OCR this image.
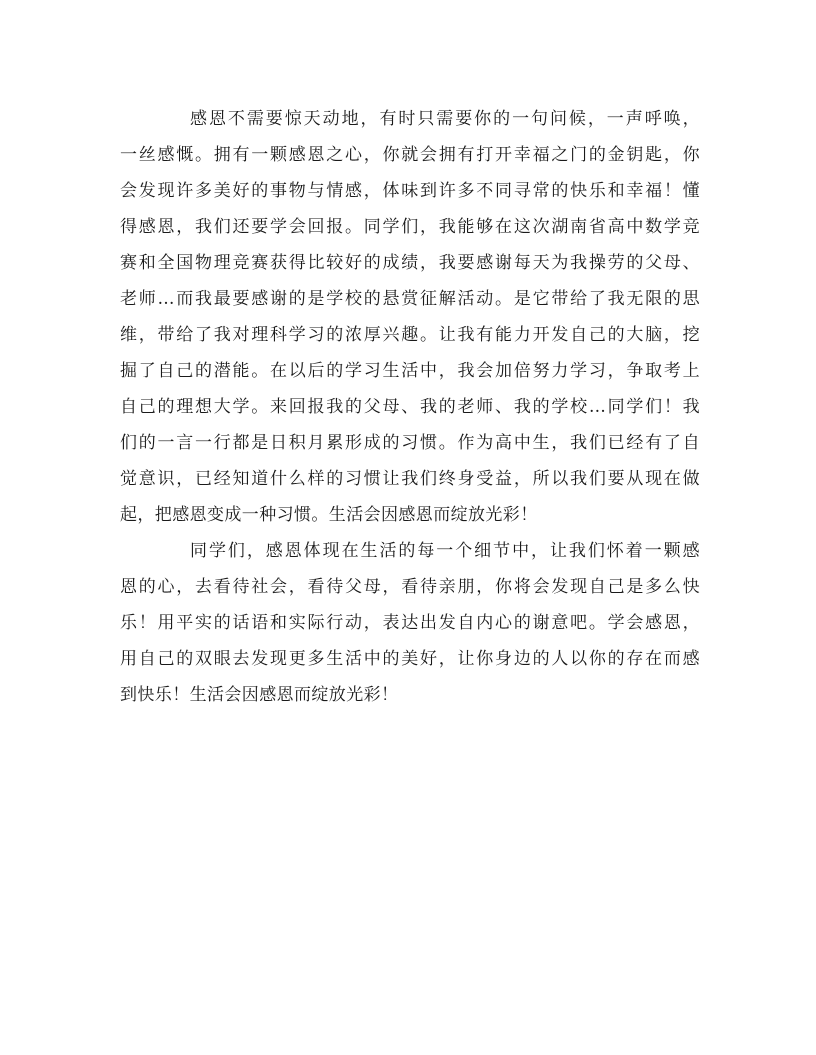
感恩不需要惊天动地，有时只需要你的一句问候，一声呼唤，
一丝感慨。拥有一颗感恩之心，你就会拥有打开幸福之门的金钥匙，你
会发现许多美好的事物与情感，体味到许多不同寻常的快乐和幸福！懂
得感恩，我们还要学会回报。同学们，我能够在这次湖南省高中数学竞
赛和全国物理竞赛获得比较好的成绩，我要感谢每天为我操劳的父母、
老师…而我最要感谢的是学校的悬赏征解活动。是它带给了我无限的思
维，带给了我对理科学习的浓厚兴趣。让我有能力开发自己的大脑，挖
掘了自己的潜能。在以后的学习生活中，我会加倍努力学习，争取考上
自己的理想大学。来回报我的父母、我的老师、我的学校…同学们！我
们的一言一行都是日积月累形成的习惯。作为高中生，我们已经有了自
觉意识，已经知道什么样的习惯让我们终身受益，所以我们要从现在做
起，把感恩变成一种习惯。生活会因感恩而绽放光彩！
同学们，感恩体现在生活的每一个细节中，让我们怀着一颗感
恩的心，去看待社会，看待父母，看待亲朋，你将会发现自己是多么快
乐！用平实的话语和实际行动，表达出发自内心的谢意吧。学会感恩，
用自己的双眼去发现更多生活中的美好，让你身边的人以你的存在而感
到快乐！生活会因感恩而绽放光彩！
